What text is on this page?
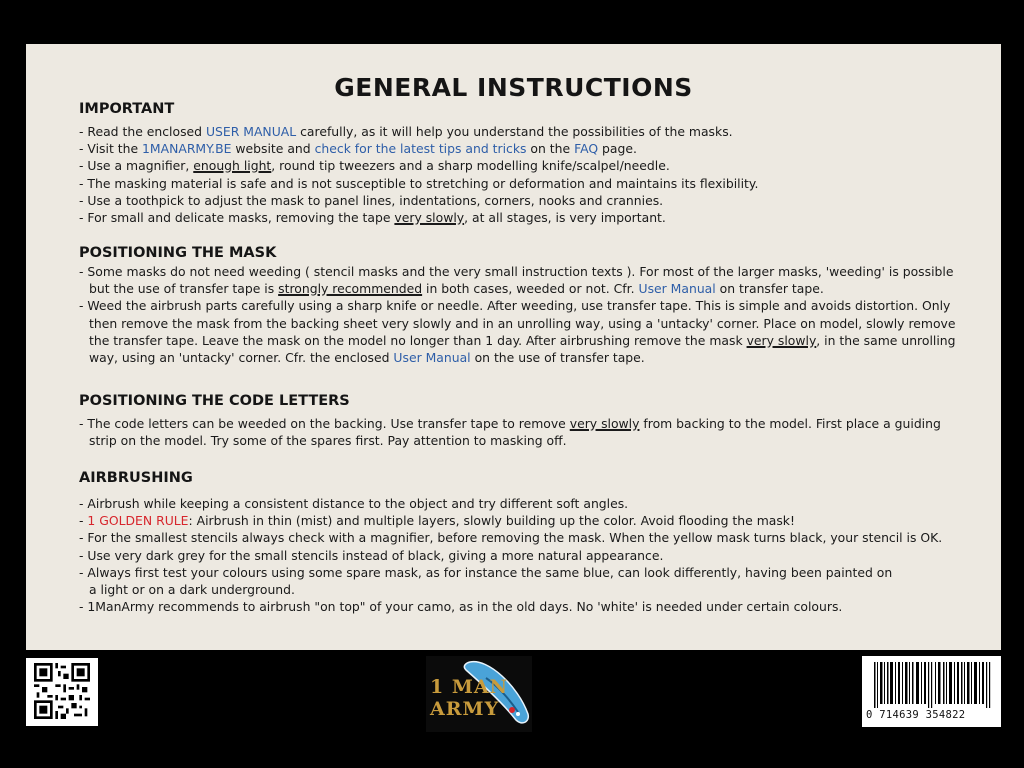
GENERAL INSTRUCTIONS
IMPORTANT

- Read the enclosed USER MANUAL carefully, as it will help you understand the possibilities of the masks.

- Visit the 1MANARMY.BE website and check for the latest tips and tricks on the FAQ page.

- Use a magnifier, enough light, round tip tweezers and a sharp modelling knife/scalpel/needle.

- The masking material is safe and is not susceptible to stretching or deformation and maintains its flexibility.

- Use a toothpick to adjust the mask to panel lines, indentations, corners, nooks and crannies.

- For small and delicate masks, removing the tape very slowly, at all stages, is very important.

POSITIONING THE MASK

- Some masks do not need weeding ( stencil masks and the very small instruction texts ). For most of the larger masks, 'weeding' is possible but the use of transfer tape is strongly recommended in both cases, weeded or not. Cfr. User Manual on transfer tape.

- Weed the airbrush parts carefully using a sharp knife or needle. After weeding, use transfer tape. This is simple and avoids distortion. Only then remove the mask from the backing sheet very slowly and in an unrolling way, using a 'untacky' corner. Place on model, slowly remove the transfer tape. Leave the mask on the model no longer than 1 day. After airbrushing remove the mask very slowly, in the same unrolling way, using an 'untacky' corner. Cfr. the enclosed User Manual on the use of transfer tape.

POSITIONING THE CODE LETTERS

- The code letters can be weeded on the backing. Use transfer tape to remove very slowly from backing to the model. First place a guiding strip on the model. Try some of the spares first. Pay attention to masking off.

AIRBRUSHING

- Airbrush while keeping a consistent distance to the object and try different soft angles.

- 1 GOLDEN RULE: Airbrush in thin (mist) and multiple layers, slowly building up the color. Avoid flooding the mask!

- For the smallest stencils always check with a magnifier, before removing the mask. When the yellow mask turns black, your stencil is OK.

- Use very dark grey for the small stencils instead of black, giving a more natural appearance.

- Always first test your colours using some spare mask, as for instance the same blue, can look differently, having been painted on

a light or on a dark underground.

- 1ManArmy recommends to airbrush "on top" of your camo, as in the old days. No 'white' is needed under certain colours.

1 MAN
ARMY	0 714639 354822
